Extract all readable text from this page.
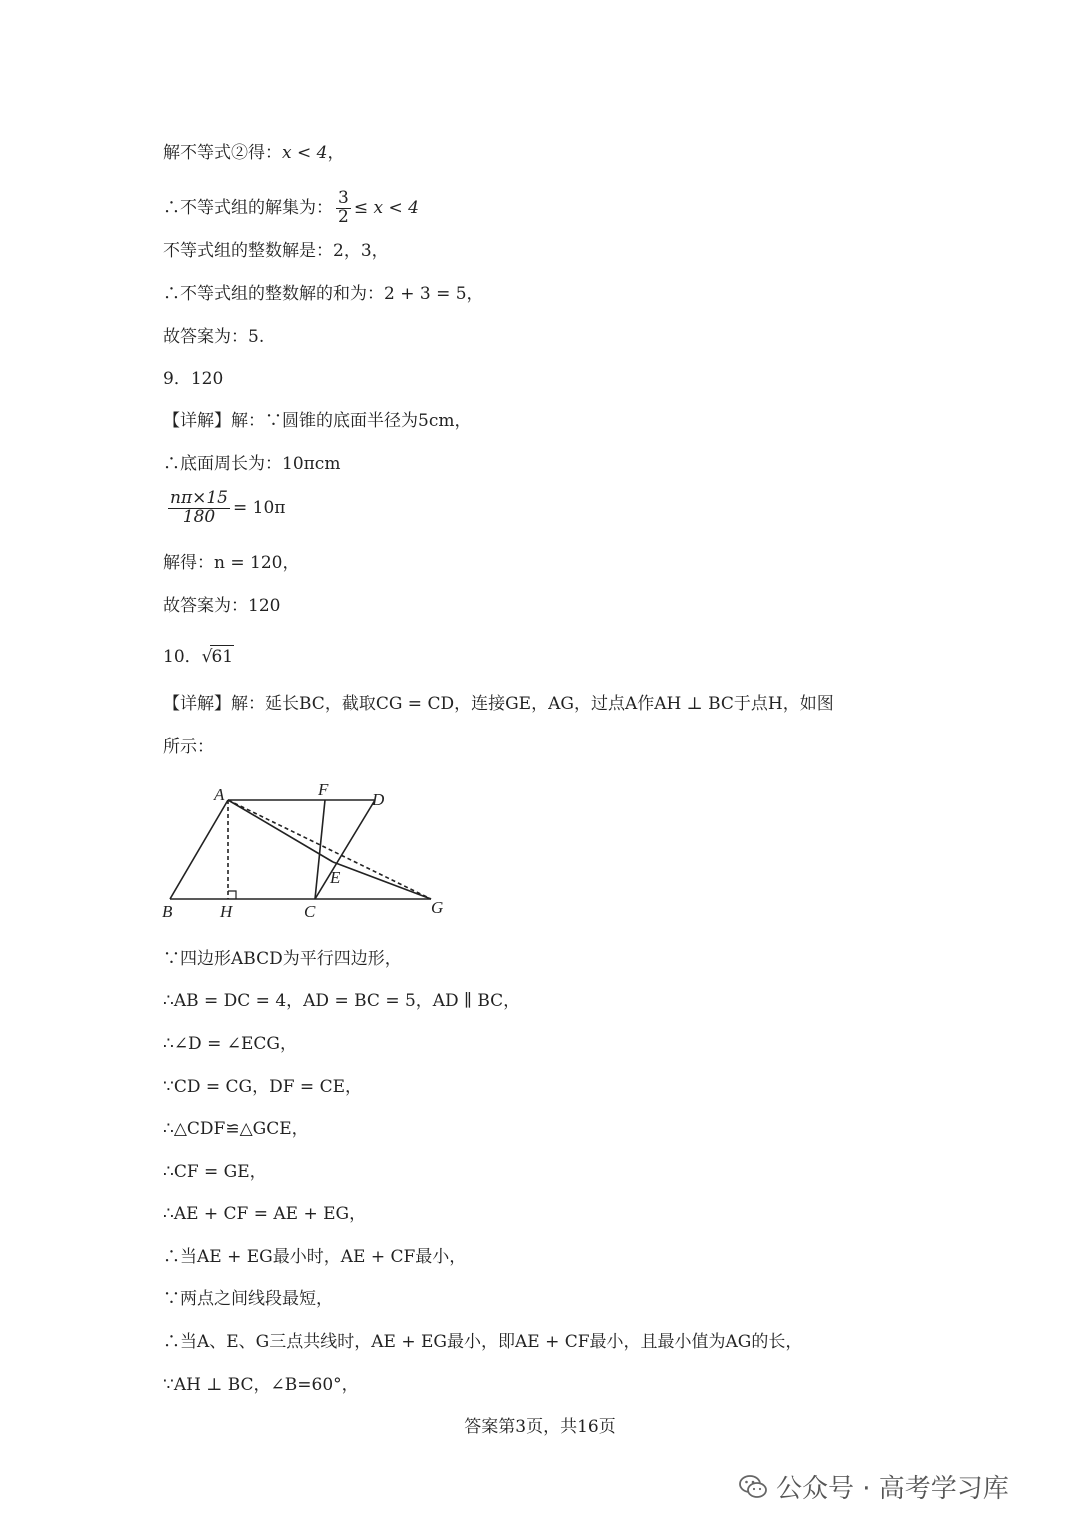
解不等式②得：x < 4，
∴不等式组的解集为： $\frac{3}{2} \le x < 4$
不等式组的整数解是：2，3，
∴不等式组的整数解的和为：2 + 3 = 5，
故答案为：5.
9．120
【详解】解：∵圆锥的底面半径为5cm，
∴底面周长为：10πcm
$\frac{n\pi\times 15}{180} = 10\pi$
解得：n = 120，
故答案为：120
10．√61
【详解】解：延长BC，截取CG = CD，连接GE，AG，过点A作AH ⊥ BC于点H，如图
所示：
A	F
D
E
B	H	C	G
∵四边形ABCD为平行四边形，
∴AB = DC = 4，AD = BC = 5，AD ∥ BC，
∴∠D = ∠ECG，
∵CD = CG，DF = CE，
∴△CDF≌△GCE，
∴CF = GE，
∴AE + CF = AE + EG，
∴当AE + EG最小时，AE + CF最小，
∵两点之间线段最短，
∴当A、E、G三点共线时，AE + EG最小，即AE + CF最小，且最小值为AG的长，
∵AH ⊥ BC，∠B=60°，
答案第3页，共16页
公众号 · 高考学习库
